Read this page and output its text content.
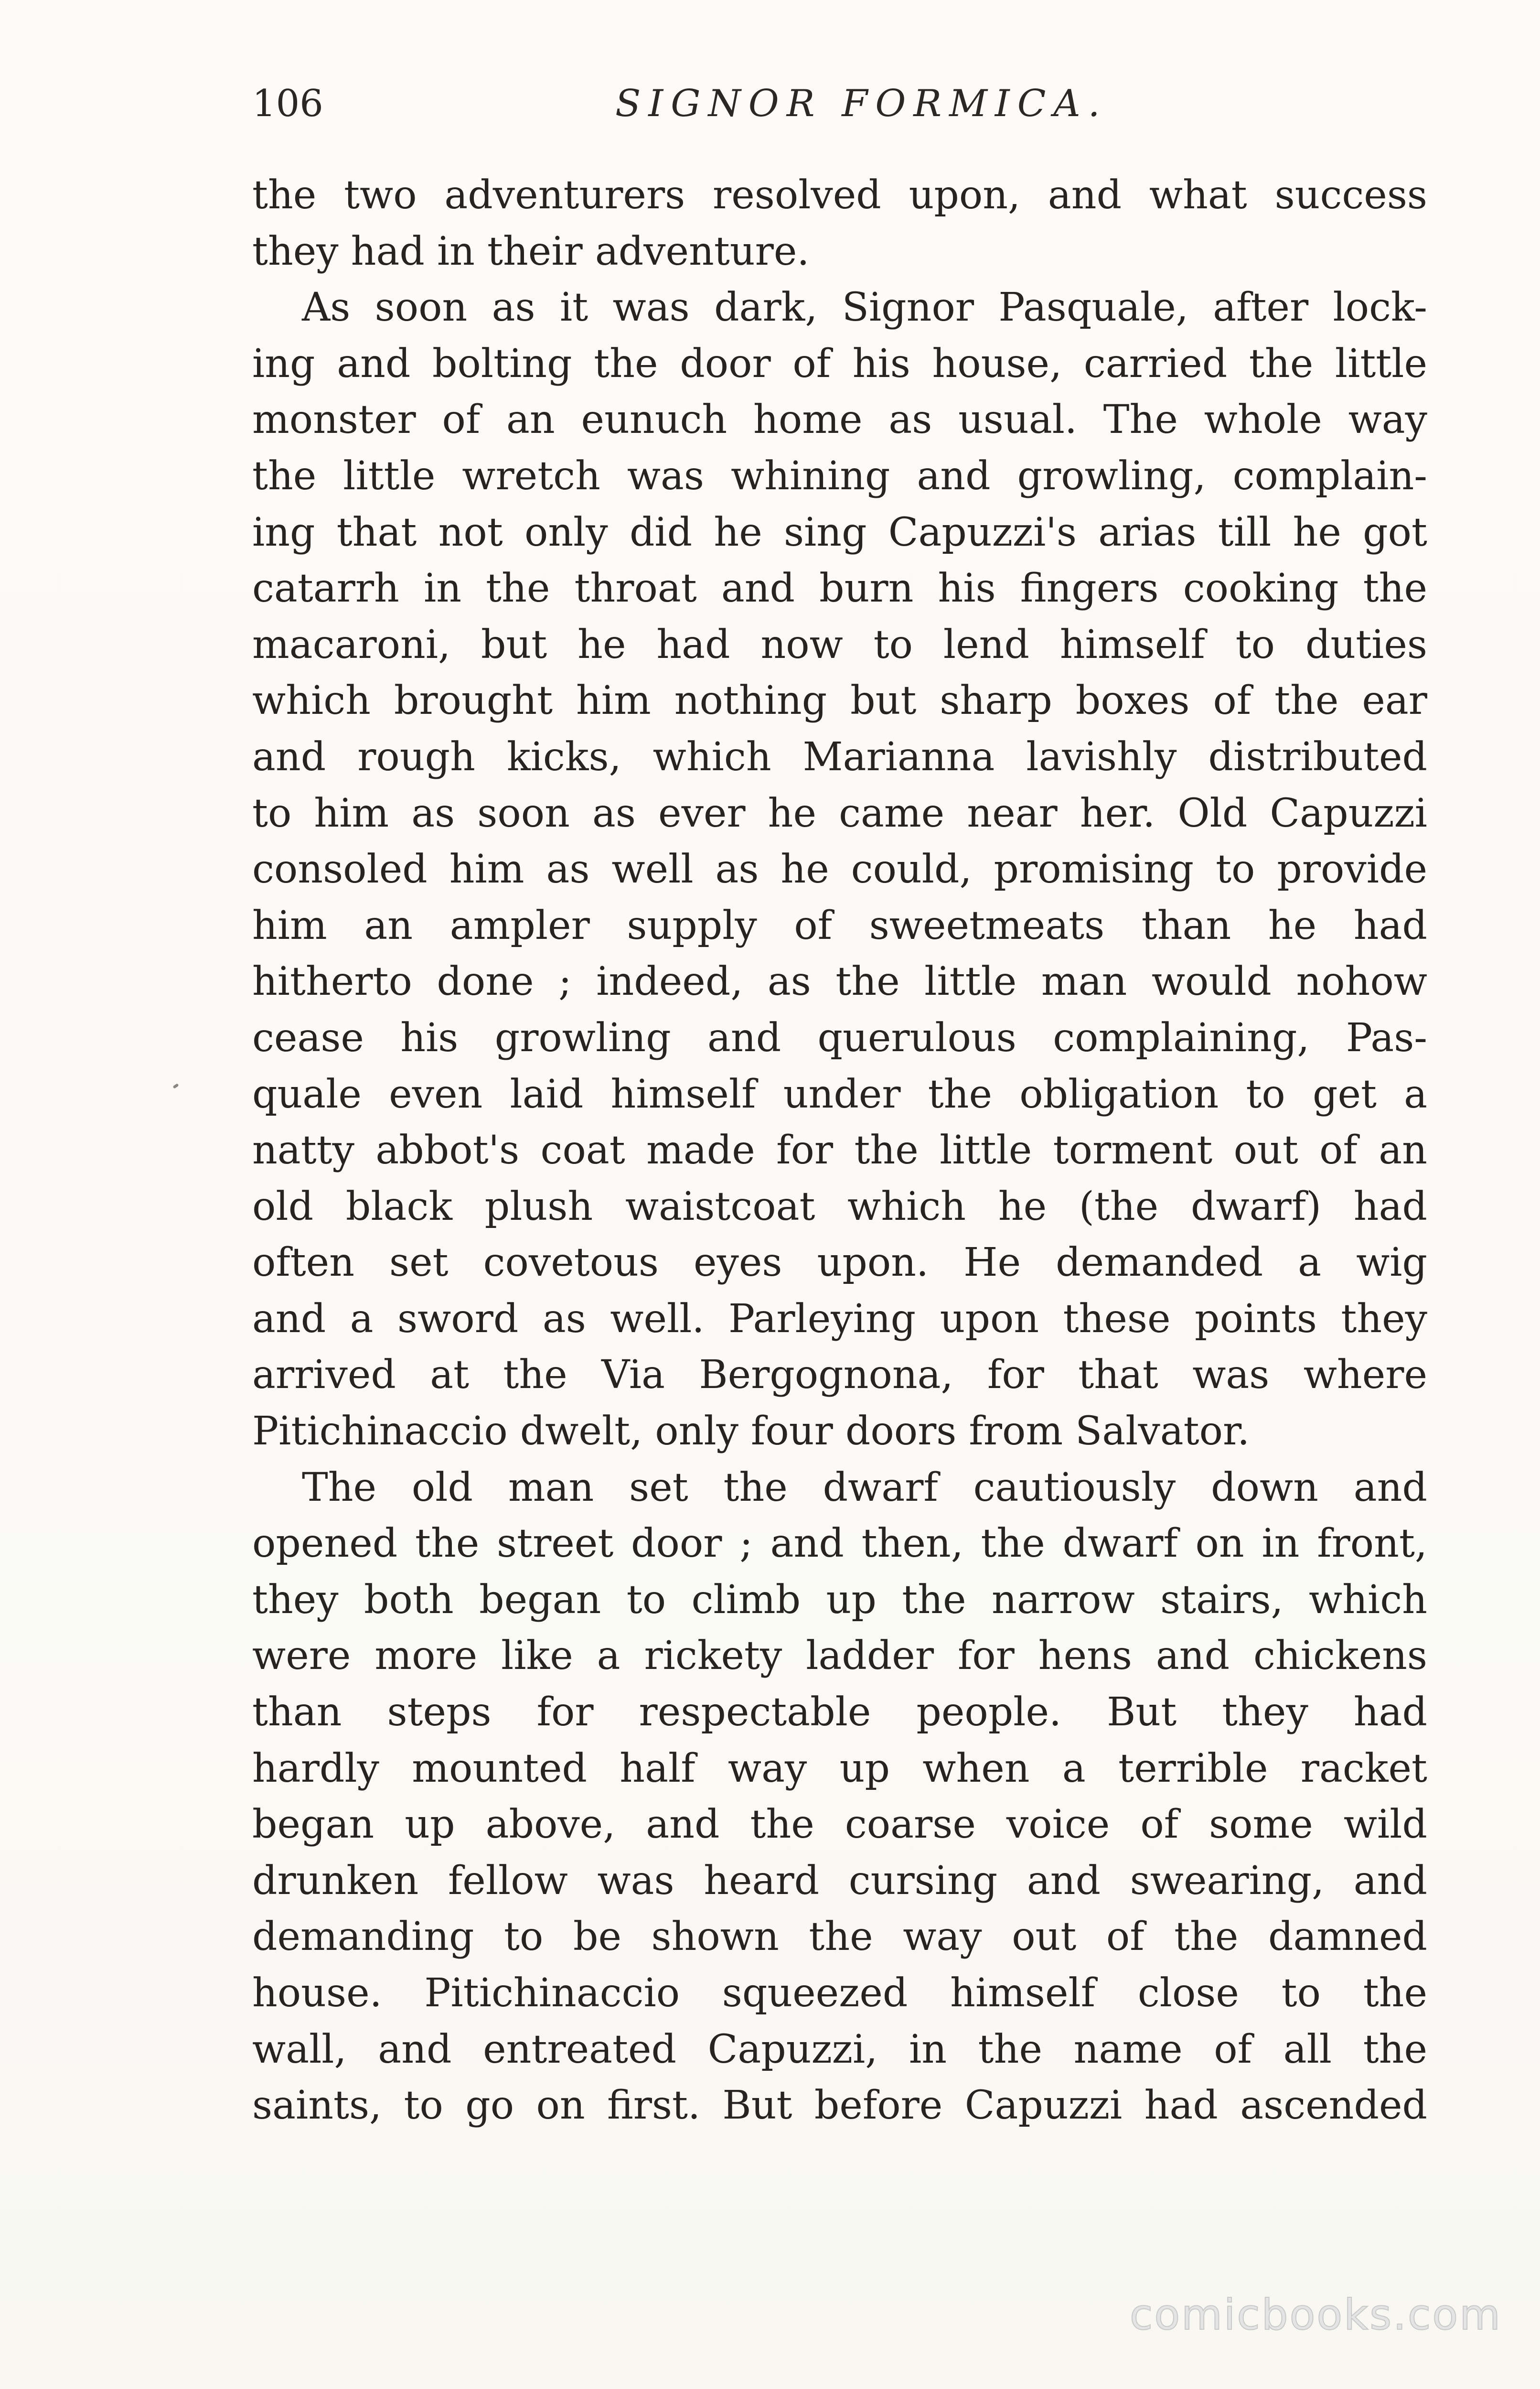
106	SIGNOR FORMICA.
the two adventurers resolved upon, and what success
they had in their adventure.
As soon as it was dark, Signor Pasquale, after lock-
ing and bolting the door of his house, carried the little
monster of an eunuch home as usual. The whole way
the little wretch was whining and growling, complain-
ing that not only did he sing Capuzzi's arias till he got
catarrh in the throat and burn his fingers cooking the
macaroni, but he had now to lend himself to duties
which brought him nothing but sharp boxes of the ear
and rough kicks, which Marianna lavishly distributed
to him as soon as ever he came near her. Old Capuzzi
consoled him as well as he could, promising to provide
him an ampler supply of sweetmeats than he had
hitherto done ; indeed, as the little man would nohow
cease his growling and querulous complaining, Pas-
quale even laid himself under the obligation to get a
natty abbot's coat made for the little torment out of an
old black plush waistcoat which he (the dwarf) had
often set covetous eyes upon. He demanded a wig
and a sword as well. Parleying upon these points they
arrived at the Via Bergognona, for that was where
Pitichinaccio dwelt, only four doors from Salvator.
The old man set the dwarf cautiously down and
opened the street door ; and then, the dwarf on in front,
they both began to climb up the narrow stairs, which
were more like a rickety ladder for hens and chickens
than steps for respectable people. But they had
hardly mounted half way up when a terrible racket
began up above, and the coarse voice of some wild
drunken fellow was heard cursing and swearing, and
demanding to be shown the way out of the damned
house. Pitichinaccio squeezed himself close to the
wall, and entreated Capuzzi, in the name of all the
saints, to go on first. But before Capuzzi had ascended
comicbooks.com
